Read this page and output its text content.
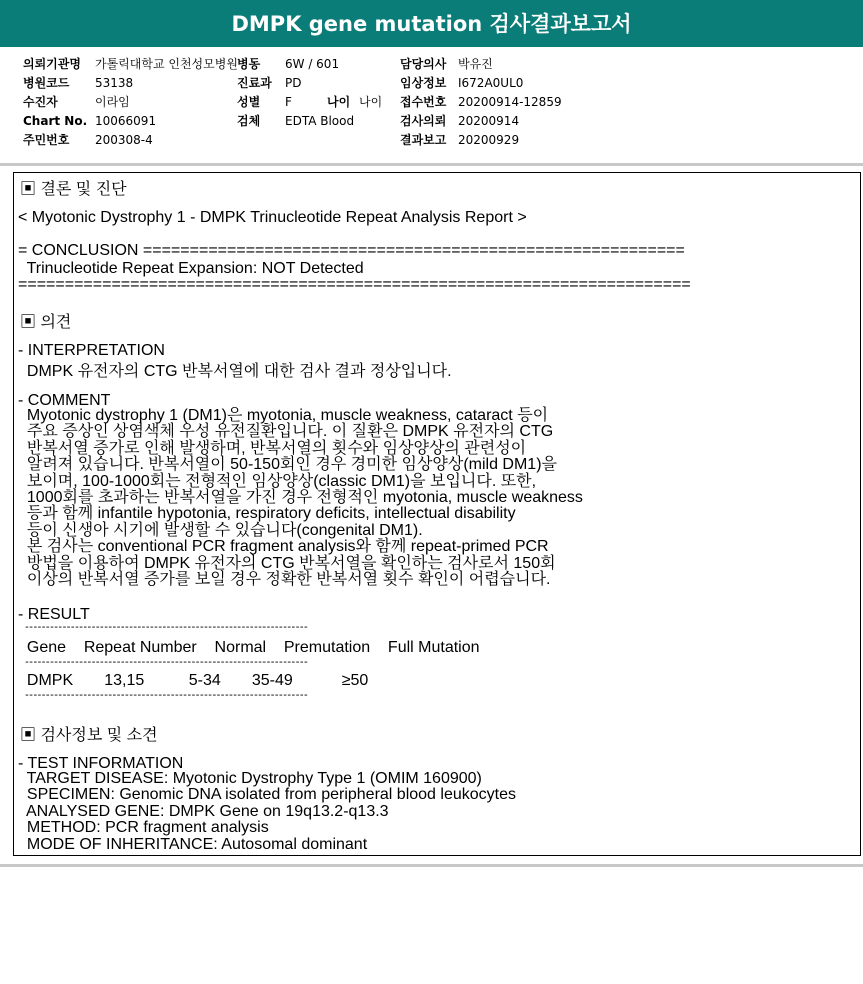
DMPK gene mutation 검사결과보고서
의뢰기관명 가톨릭대학교 인천성모병원
병원코드 53138
수진자	이라임
Chart No. 10066091
주민번호 200308-4
병동 6W / 601
진료과 PD
성별 F	나이 나이
검체 EDTA Blood
담당의사 박유진
임상정보 I672A0UL0
접수번호 20200914-12859
검사의뢰 20200914
결과보고 20200929
▣ 결론 및 진단
< Myotonic Dystrophy 1 - DMPK Trinucleotide Repeat Analysis Report >
= CONCLUSION ==========================================================
Trinucleotide Repeat Expansion: NOT Detected
========================================================================
▣ 의견
- INTERPRETATION
DMPK 유전자의 CTG 반복서열에 대한 검사 결과 정상입니다.
- COMMENT
Myotonic dystrophy 1 (DM1)은 myotonia, muscle weakness, cataract 등이
주요 증상인 상염색체 우성 유전질환입니다. 이 질환은 DMPK 유전자의 CTG
반복서열 증가로 인해 발생하며, 반복서열의 횟수와 임상양상의 관련성이
알려져 있습니다. 반복서열이 50-150회인 경우 경미한 임상양상(mild DM1)을
보이며, 100-1000회는 전형적인 임상양상(classic DM1)을 보입니다. 또한,
1000회를 초과하는 반복서열을 가진 경우 전형적인 myotonia, muscle weakness
등과 함께 infantile hypotonia, respiratory deficits, intellectual disability
등이 신생아 시기에 발생할 수 있습니다(congenital DM1).
본 검사는 conventional PCR fragment analysis와 함께 repeat-primed PCR
방법을 이용하여 DMPK 유전자의 CTG 반복서열을 확인하는 검사로서 150회
이상의 반복서열 증가를 보일 경우 정확한 반복서열 횟수 확인이 어렵습니다.
- RESULT
--------------------------------------------------------------------
Gene    Repeat Number    Normal    Premutation    Full Mutation
--------------------------------------------------------------------
DMPK       13,15          5-34       35-49           ≥50
--------------------------------------------------------------------
▣ 검사정보 및 소견
- TEST INFORMATION
TARGET DISEASE: Myotonic Dystrophy Type 1 (OMIM 160900)
SPECIMEN: Genomic DNA isolated from peripheral blood leukocytes
ANALYSED GENE: DMPK Gene on 19q13.2-q13.3
METHOD: PCR fragment analysis
MODE OF INHERITANCE: Autosomal dominant
